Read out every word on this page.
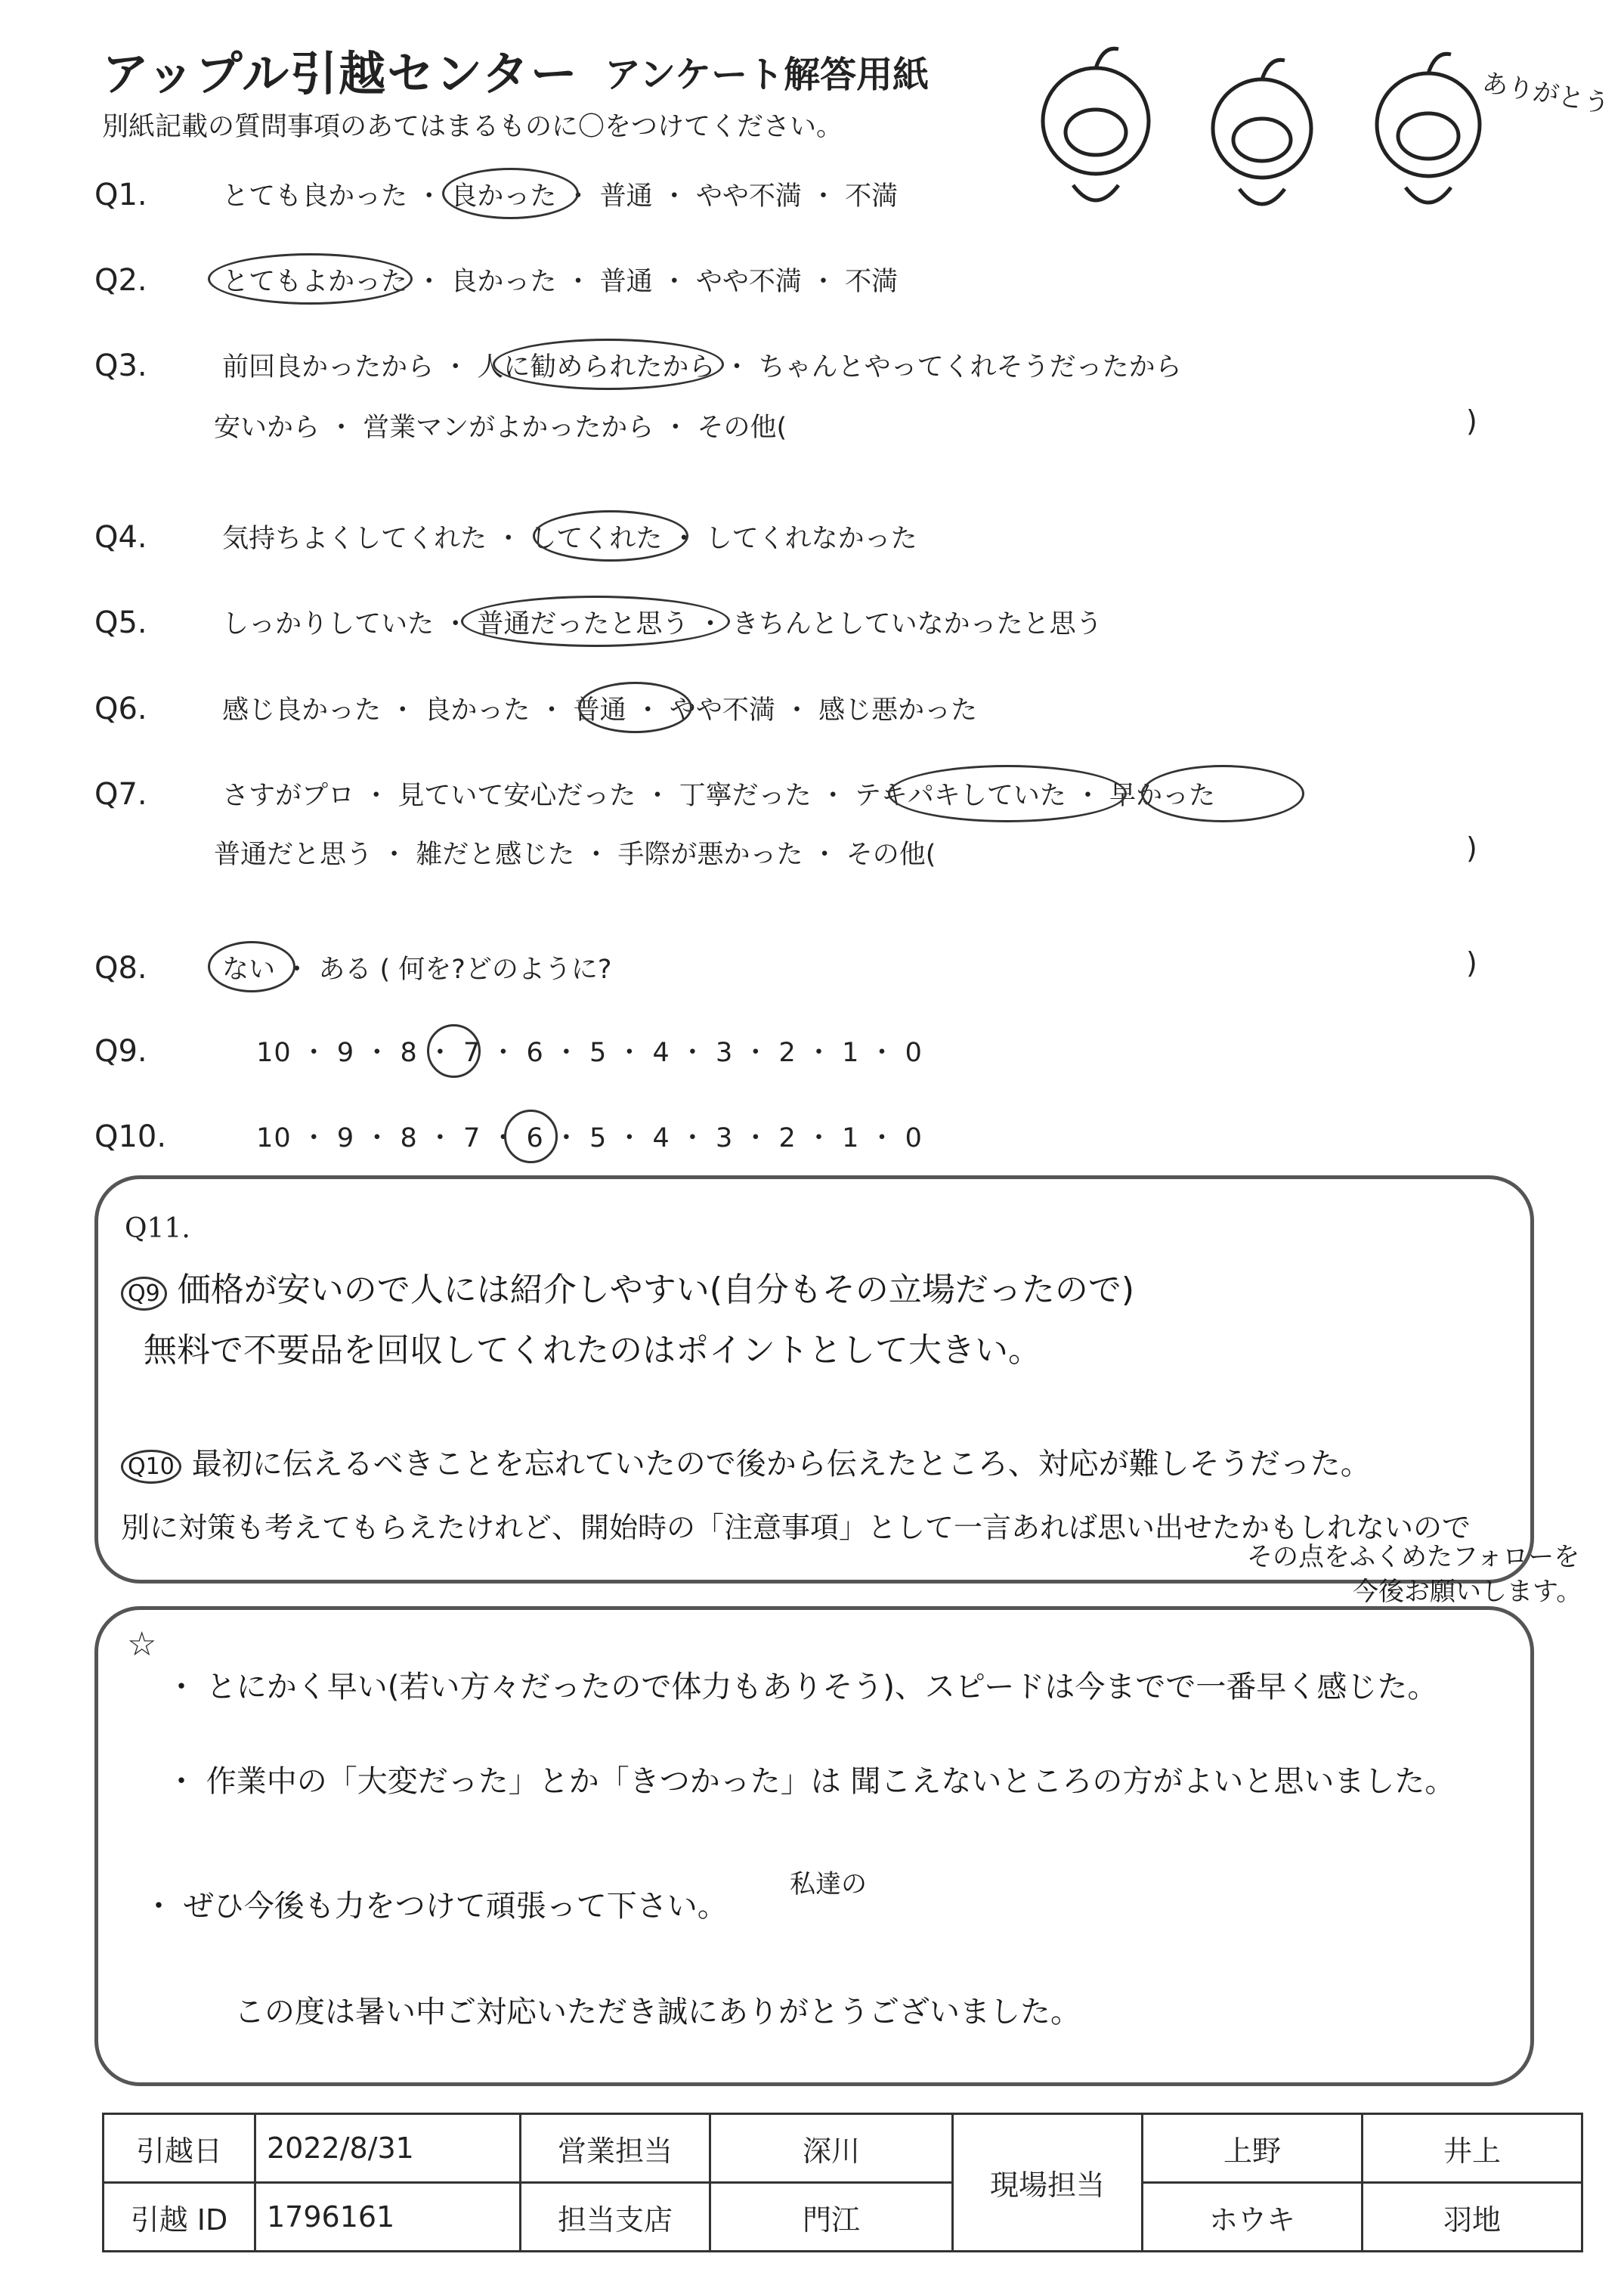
アップル引越センター アンケート解答用紙
別紙記載の質問事項のあてはまるものに〇をつけてください。
ありがとう
Q1.	とても良かった ・ 良かった ・ 普通 ・ やや不満 ・ 不満
Q2.	とてもよかった ・ 良かった ・ 普通 ・ やや不満 ・ 不満
Q3.	前回良かったから ・ 人に勧められたから ・ ちゃんとやってくれそうだったから
安いから ・ 営業マンがよかったから ・ その他(	)
Q4.	気持ちよくしてくれた ・ してくれた ・ してくれなかった
Q5.	しっかりしていた ・ 普通だったと思う ・ きちんとしていなかったと思う
Q6.	感じ良かった ・ 良かった ・ 普通 ・ やや不満 ・ 感じ悪かった
Q7.	さすがプロ ・ 見ていて安心だった ・ 丁寧だった ・ テキパキしていた ・ 早かった
普通だと思う ・ 雑だと感じた ・ 手際が悪かった ・ その他(	)
Q8.	ない ・ ある ( 何を?どのように?	)
Q9.	10 ・ 9 ・ 8 ・ 7 ・ 6 ・ 5 ・ 4 ・ 3 ・ 2 ・ 1 ・ 0
Q10.	10 ・ 9 ・ 8 ・ 7 ・ 6 ・ 5 ・ 4 ・ 3 ・ 2 ・ 1 ・ 0
Q11.
Q9 価格が安いので人には紹介しやすい(自分もその立場だったので)
無料で不要品を回収してくれたのはポイントとして大きい。
Q10 最初に伝えるべきことを忘れていたので後から伝えたところ、対応が難しそうだった。
別に対策も考えてもらえたけれど、開始時の「注意事項」として一言あれば思い出せたかもしれないので
その点をふくめたフォローを
今後お願いします。
☆
・ とにかく早い(若い方々だったので体力もありそう)、スピードは今までで一番早く感じた。
・ 作業中の「大変だった」とか「きつかった」は 聞こえないところの方がよいと思いました。
私達の
・ ぜひ今後も力をつけて頑張って下さい。
この度は暑い中ご対応いただき誠にありがとうございました。
引越日	2022/8/31	営業担当	深川	現場担当	上野	井上
引越 ID	1796161	担当支店	門江		ホウキ	羽地
